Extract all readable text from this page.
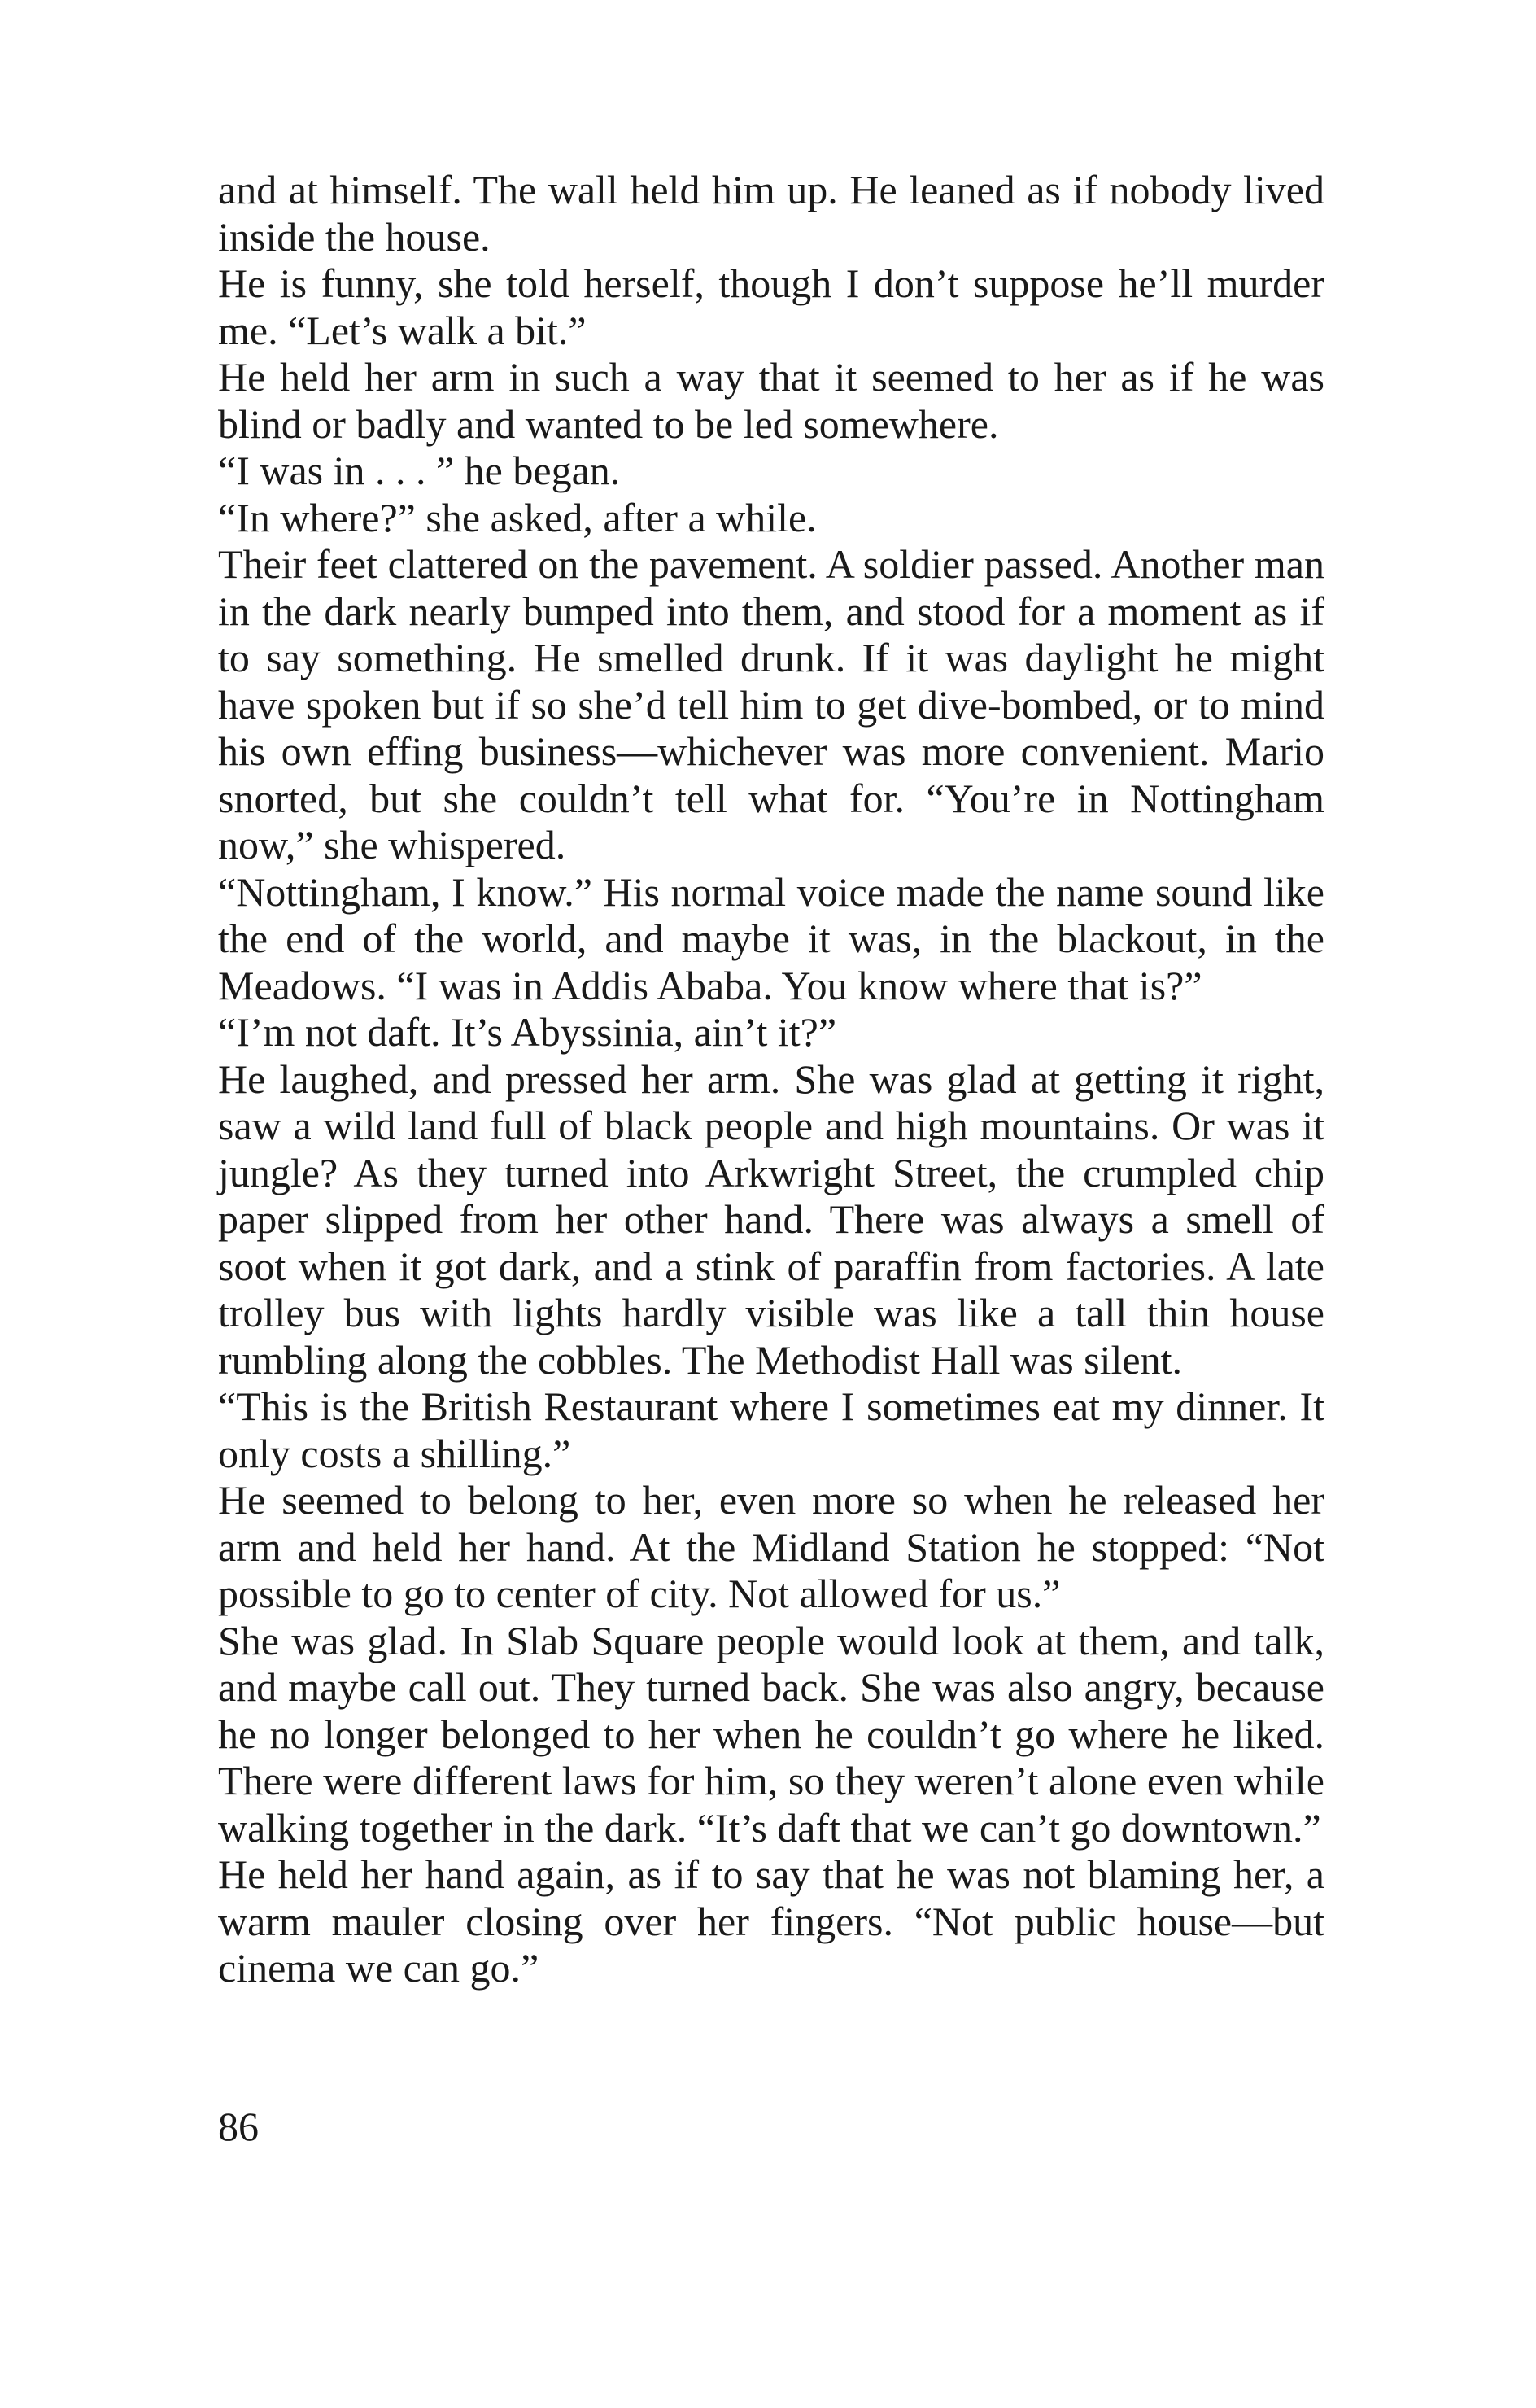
and at himself. The wall held him up. He leaned as if nobody lived inside the house.

He is funny, she told herself, though I don’t suppose he’ll murder me. “Let’s walk a bit.”

He held her arm in such a way that it seemed to her as if he was blind or badly and wanted to be led somewhere.

“I was in . . . ” he began.

“In where?” she asked, after a while.

Their feet clattered on the pavement. A soldier passed. Another man in the dark nearly bumped into them, and stood for a moment as if to say something. He smelled drunk. If it was daylight he might have spoken but if so she’d tell him to get dive-bombed, or to mind his own effing business—whichever was more convenient. Mario snorted, but she couldn’t tell what for. “You’re in Nottingham now,” she whispered.

“Nottingham, I know.” His normal voice made the name sound like the end of the world, and maybe it was, in the blackout, in the Meadows. “I was in Addis Ababa. You know where that is?”

“I’m not daft. It’s Abyssinia, ain’t it?”

He laughed, and pressed her arm. She was glad at getting it right, saw a wild land full of black people and high mountains. Or was it jungle? As they turned into Arkwright Street, the crumpled chip paper slipped from her other hand. There was always a smell of soot when it got dark, and a stink of paraffin from factories. A late trolley bus with lights hardly visible was like a tall thin house rumbling along the cobbles. The Methodist Hall was silent.

“This is the British Restaurant where I sometimes eat my dinner. It only costs a shilling.”

He seemed to belong to her, even more so when he released her arm and held her hand. At the Midland Station he stopped: “Not possible to go to center of city. Not allowed for us.”

She was glad. In Slab Square people would look at them, and talk, and maybe call out. They turned back. She was also angry, because he no longer belonged to her when he couldn’t go where he liked. There were different laws for him, so they weren’t alone even while walking together in the dark. “It’s daft that we can’t go downtown.”

He held her hand again, as if to say that he was not blaming her, a warm mauler closing over her fingers. “Not public house—but cinema we can go.”

86
